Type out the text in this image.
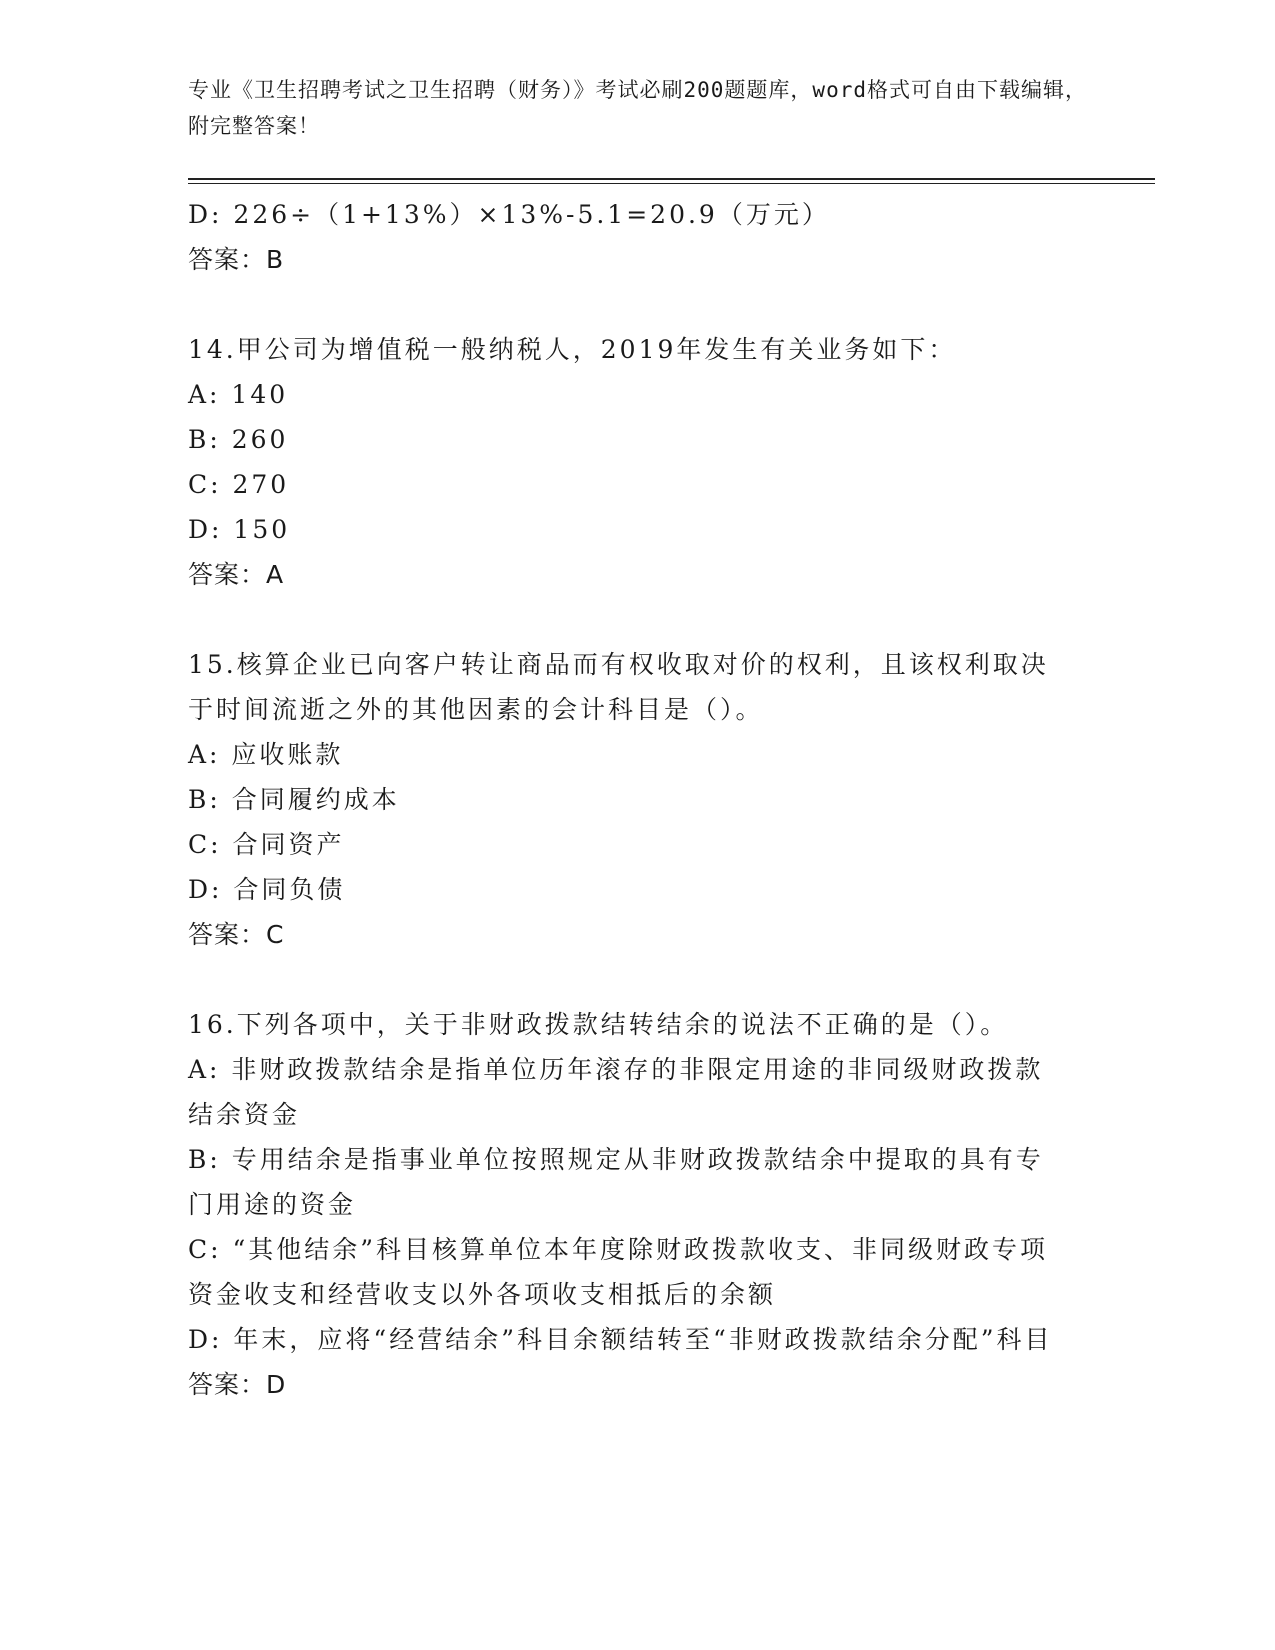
专业《卫生招聘考试之卫生招聘（财务）》考试必刷200题题库，word格式可自由下载编辑，附完整答案！

D: 226÷（1+13%）×13%-5.1=20.9（万元）
答案：B
14.甲公司为增值税一般纳税人，2019年发生有关业务如下：
A: 140
B: 260
C: 270
D: 150
答案：A
15.核算企业已向客户转让商品而有权收取对价的权利，且该权利取决于时间流逝之外的其他因素的会计科目是（）。
A: 应收账款
B: 合同履约成本
C: 合同资产
D: 合同负债
答案：C
16.下列各项中，关于非财政拨款结转结余的说法不正确的是（）。
A: 非财政拨款结余是指单位历年滚存的非限定用途的非同级财政拨款结余资金
B: 专用结余是指事业单位按照规定从非财政拨款结余中提取的具有专门用途的资金
C: “其他结余”科目核算单位本年度除财政拨款收支、非同级财政专项资金收支和经营收支以外各项收支相抵后的余额
D: 年末，应将“经营结余”科目余额结转至“非财政拨款结余分配”科目
答案：D
